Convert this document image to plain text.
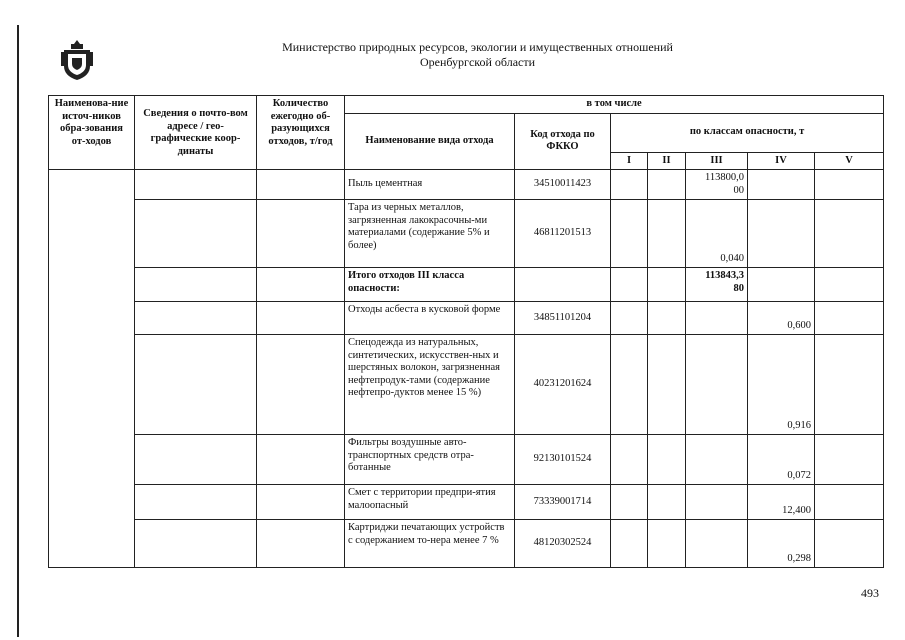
Министерство природных ресурсов, экологии и имущественных отношений
Оренбургской области
Наименова-ние источ-ников обра-зования от-ходов	Сведения о почто-вом адресе / гео-графические коор-динаты	Количество ежегодно об-разующихся отходов, т/год	в том числе						
			Наименование вида отхода	Код отхода по ФККО	по классам опасности, т				
					I	II	III	IV	V
			Пыль цементная	34510011423			113800,0
00		
			Тара из черных металлов, загрязненная лакокрасочны-ми материалами (содержание 5% и более)	46811201513			0,040		
			Итого отходов III класса опасности:				113843,3
80		
			Отходы асбеста в кусковой форме	34851101204				0,600	
			Спецодежда из натуральных, синтетических, искусствен-ных и шерстяных волокон, загрязненная нефтепродук-тами (содержание нефтепро-дуктов менее 15 %)	40231201624				0,916	
			Фильтры воздушные авто-транспортных средств отра-ботанные	92130101524				0,072	
			Смет с территории предпри-ятия малоопасный	73339001714				12,400	
			Картриджи печатающих устройств с содержанием то-нера менее 7 %	48120302524				0,298	
493
